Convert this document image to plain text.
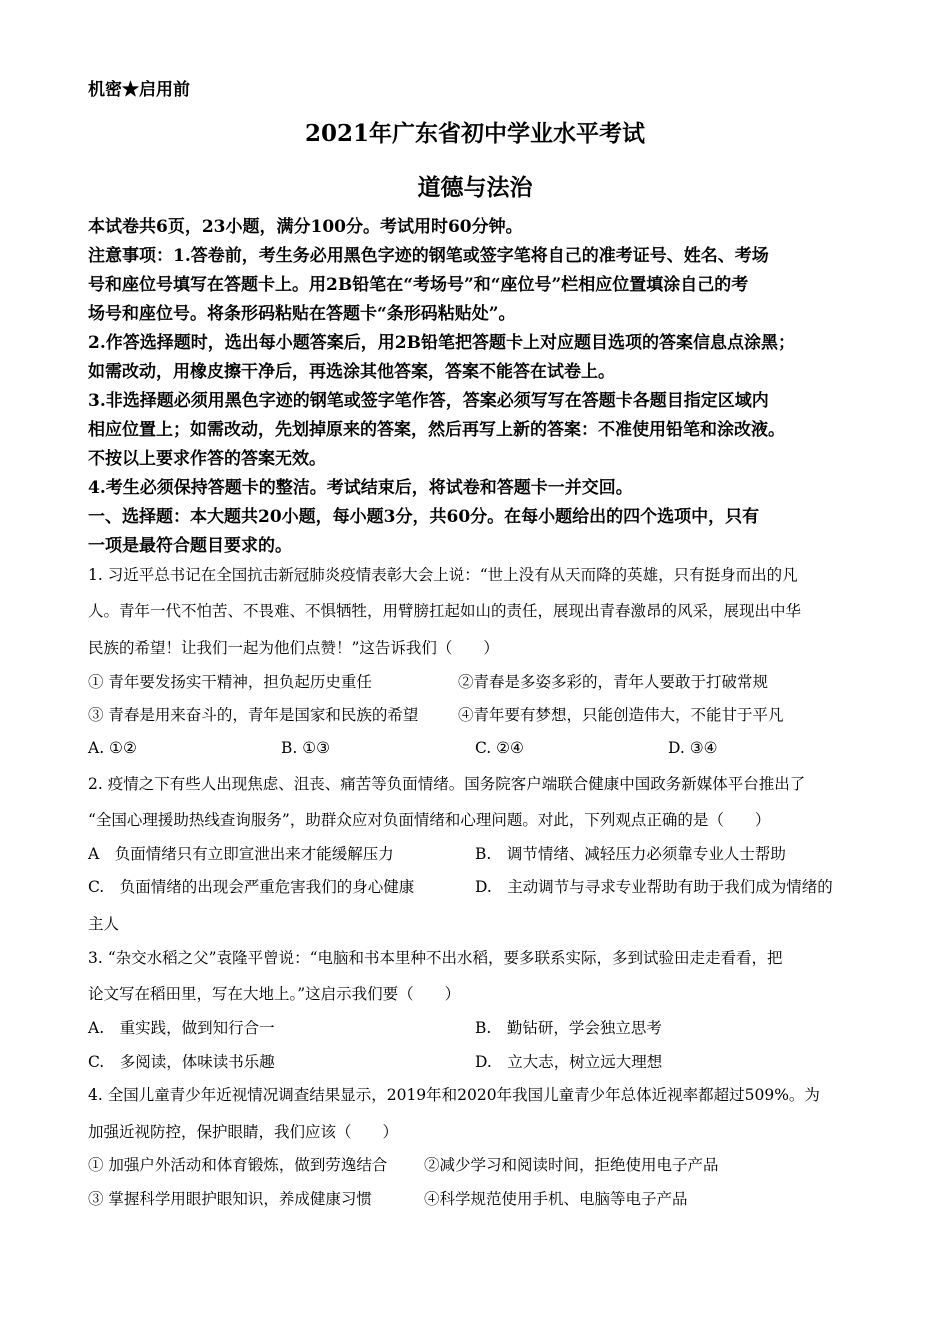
机密★启用前
2021年广东省初中学业水平考试
道德与法治
本试卷共6页，23小题，满分100分。考试用时60分钟。
注意事项：1.答卷前，考生务必用黑色字迹的钢笔或签字笔将自己的准考证号、姓名、考场
号和座位号填写在答题卡上。用2B铅笔在“考场号”和“座位号”栏相应位置填涂自己的考
场号和座位号。将条形码粘贴在答题卡“条形码粘贴处”。
2.作答选择题时，选出每小题答案后，用2B铅笔把答题卡上对应题目选项的答案信息点涂黑；
如需改动，用橡皮擦干净后，再选涂其他答案，答案不能答在试卷上。
3.非选择题必须用黑色字迹的钢笔或签字笔作答，答案必须写写在答题卡各题目指定区域内
相应位置上；如需改动，先划掉原来的答案，然后再写上新的答案：不准使用铅笔和涂改液。
不按以上要求作答的答案无效。
4.考生必须保持答题卡的整洁。考试结束后，将试卷和答题卡一并交回。
一、选择题：本大题共20小题，每小题3分，共60分。在每小题给出的四个选项中，只有
一项是最符合题目要求的。
1. 习近平总书记在全国抗击新冠肺炎疫情表彰大会上说：“世上没有从天而降的英雄，只有挺身而出的凡
人。青年一代不怕苦、不畏难、不惧牺牲，用臂膀扛起如山的责任，展现出青春激昂的风采，展现出中华
民族的希望！让我们一起为他们点赞！”这告诉我们（　　）
① 青年要发扬实干精神，担负起历史重任	②青春是多姿多彩的，青年人要敢于打破常规
③ 青春是用来奋斗的，青年是国家和民族的希望	④青年要有梦想，只能创造伟大，不能甘于平凡
A. ①②	B. ①③	C. ②④	D. ③④
2. 疫情之下有些人出现焦虑、沮丧、痛苦等负面情绪。国务院客户端联合健康中国政务新媒体平台推出了
“全国心理援助热线查询服务”，助群众应对负面情绪和心理问题。对此，下列观点正确的是（　　）
A　负面情绪只有立即宣泄出来才能缓解压力	B.　调节情绪、减轻压力必须靠专业人士帮助
C.　负面情绪的出现会严重危害我们的身心健康	D.　主动调节与寻求专业帮助有助于我们成为情绪的
主人
3. “杂交水稻之父”袁隆平曾说：“电脑和书本里种不出水稻，要多联系实际，多到试验田走走看看，把
论文写在稻田里，写在大地上。”这启示我们要（　　）
A.　重实践，做到知行合一	B.　勤钻研，学会独立思考
C.　多阅读，体味读书乐趣	D.　立大志，树立远大理想
4. 全国儿童青少年近视情况调查结果显示，2019年和2020年我国儿童青少年总体近视率都超过509%。为
加强近视防控，保护眼睛，我们应该（　　）
① 加强户外活动和体育锻炼，做到劳逸结合 ②减少学习和阅读时间，拒绝使用电子产品
③ 掌握科学用眼护眼知识，养成健康习惯	④科学规范使用手机、电脑等电子产品
